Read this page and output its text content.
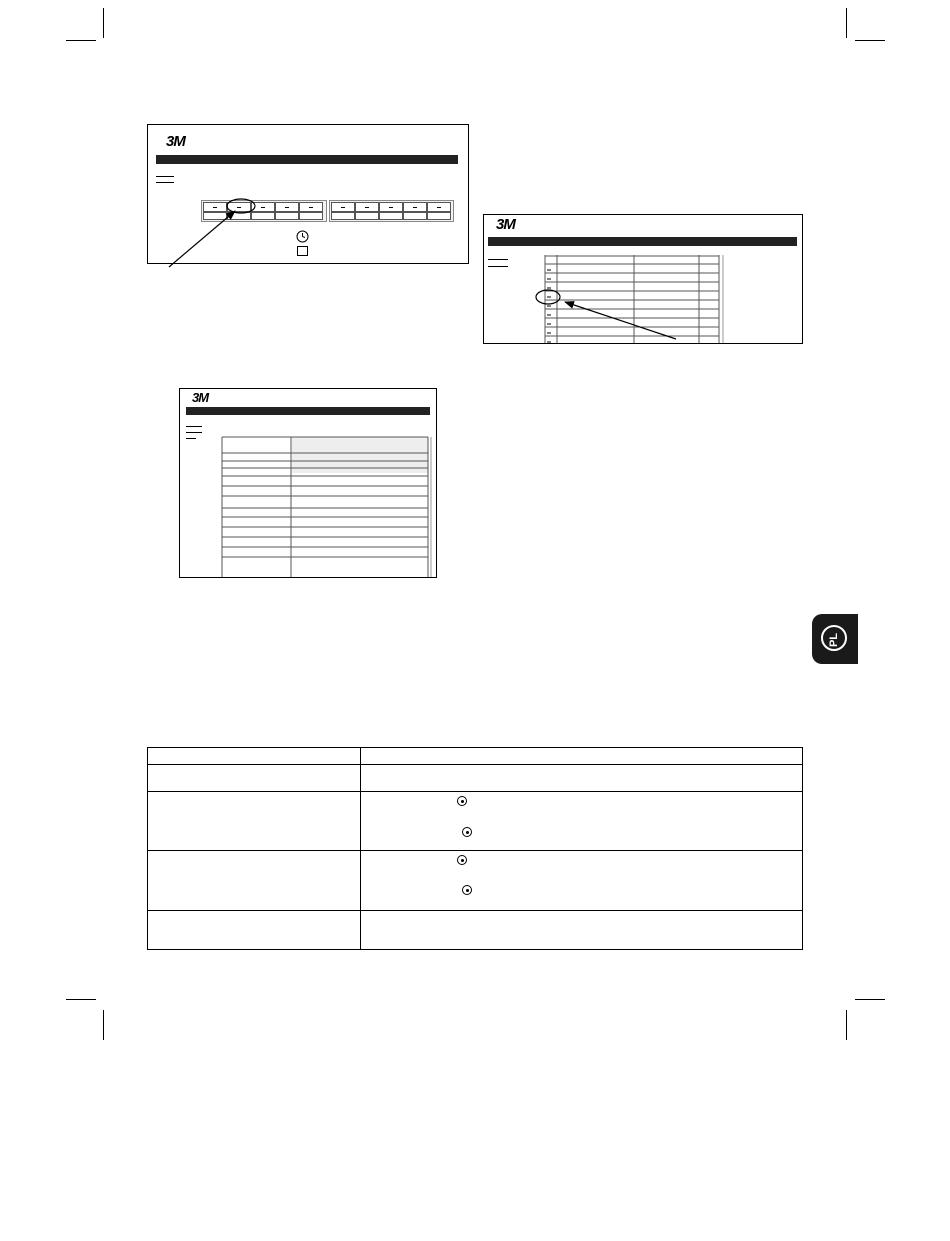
3M
3M
3M
PL
